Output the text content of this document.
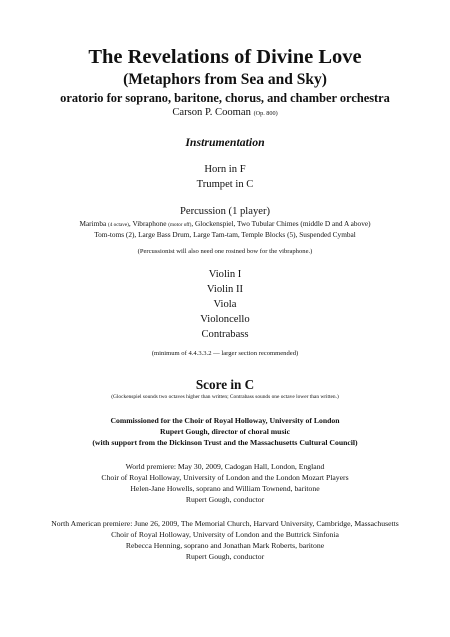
The Revelations of Divine Love
(Metaphors from Sea and Sky)
oratorio for soprano, baritone, chorus, and chamber orchestra
Carson P. Cooman (Op. 800)
Instrumentation
Horn in F
Trumpet in C
Percussion (1 player)
Marimba (4 octave), Vibraphone (motor off), Glockenspiel, Two Tubular Chimes (middle D and A above)
Tom-toms (2), Large Bass Drum, Large Tam-tam, Temple Blocks (5), Suspended Cymbal
(Percussionist will also need one rosined bow for the vibraphone.)
Violin I
Violin II
Viola
Violoncello
Contrabass
(minimum of 4.4.3.3.2 — larger section recommended)
Score in C
(Glockenspiel sounds two octaves higher than written; Contrabass sounds one octave lower than written.)
Commissioned for the Choir of Royal Holloway, University of London
Rupert Gough, director of choral music
(with support from the Dickinson Trust and the Massachusetts Cultural Council)
World premiere: May 30, 2009, Cadogan Hall, London, England
Choir of Royal Holloway, University of London and the London Mozart Players
Helen-Jane Howells, soprano and William Townend, baritone
Rupert Gough, conductor
North American premiere: June 26, 2009, The Memorial Church, Harvard University, Cambridge, Massachusetts
Choir of Royal Holloway, University of London and the Buttrick Sinfonia
Rebecca Henning, soprano and Jonathan Mark Roberts, baritone
Rupert Gough, conductor
